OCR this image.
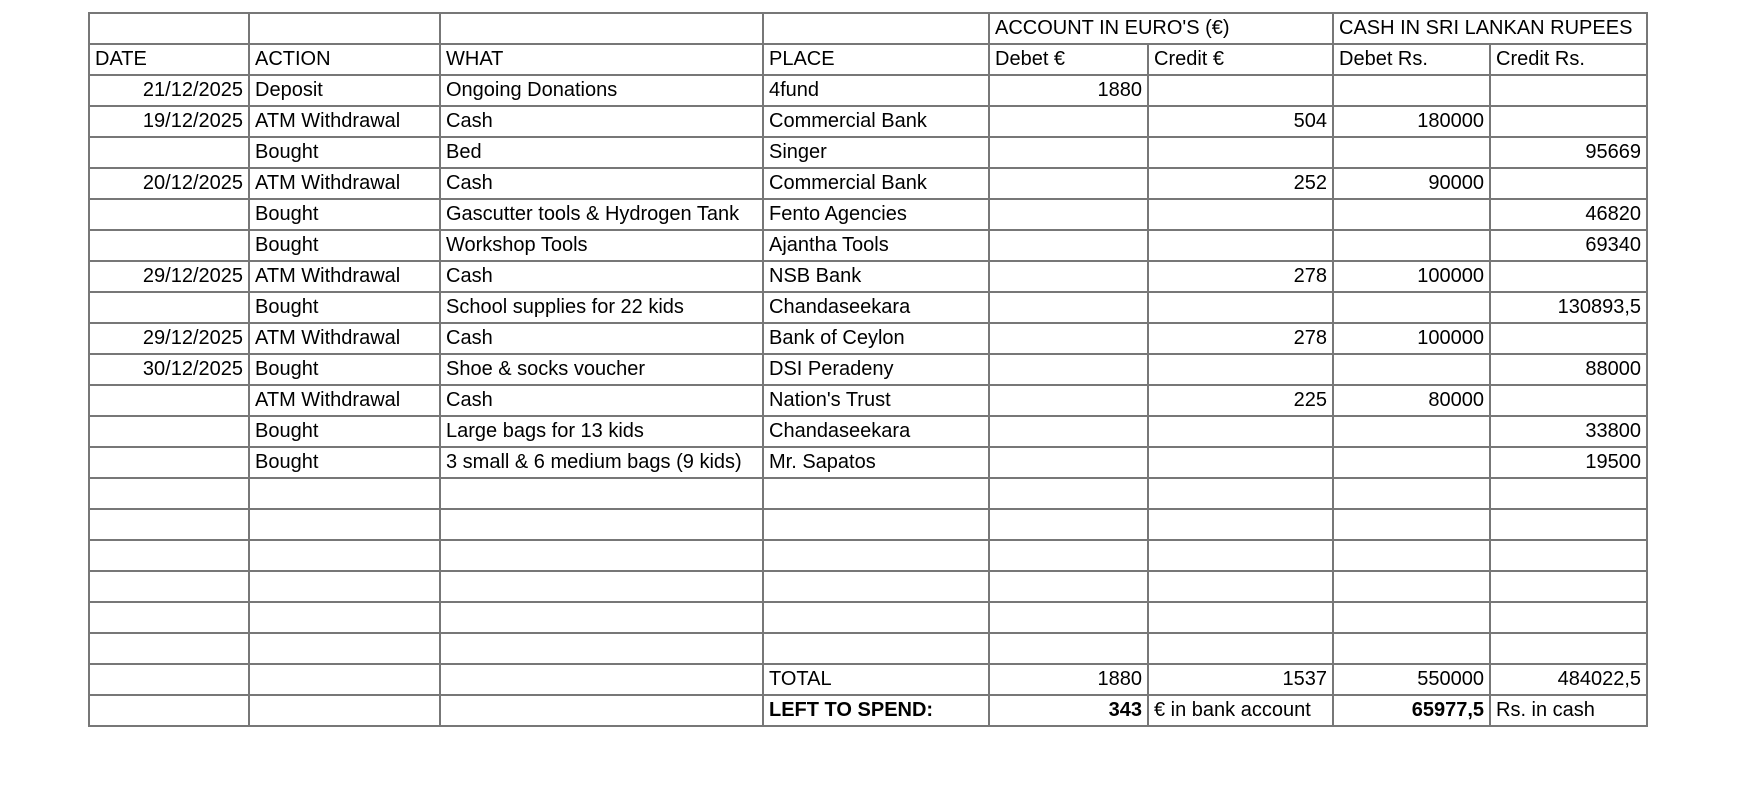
				ACCOUNT IN EURO'S (€)		CASH IN SRI LANKAN RUPEES	
DATE	ACTION	WHAT	PLACE	Debet €	Credit €	Debet Rs.	Credit Rs.
21/12/2025	Deposit	Ongoing Donations	4fund	1880			
19/12/2025	ATM Withdrawal	Cash	Commercial Bank		504	180000	
	Bought	Bed	Singer				95669
20/12/2025	ATM Withdrawal	Cash	Commercial Bank		252	90000	
	Bought	Gascutter tools & Hydrogen Tank	Fento Agencies				46820
	Bought	Workshop Tools	Ajantha Tools				69340
29/12/2025	ATM Withdrawal	Cash	NSB Bank		278	100000	
	Bought	School supplies for 22 kids	Chandaseekara				130893,5
29/12/2025	ATM Withdrawal	Cash	Bank of Ceylon		278	100000	
30/12/2025	Bought	Shoe & socks voucher	DSI Peradeny				88000
	ATM Withdrawal	Cash	Nation's Trust		225	80000	
	Bought	Large bags for 13 kids	Chandaseekara				33800
	Bought	3 small & 6 medium bags (9 kids)	Mr. Sapatos				19500

			TOTAL	1880	1537	550000	484022,5
			LEFT TO SPEND:	343	€ in bank account	65977,5	Rs. in cash
